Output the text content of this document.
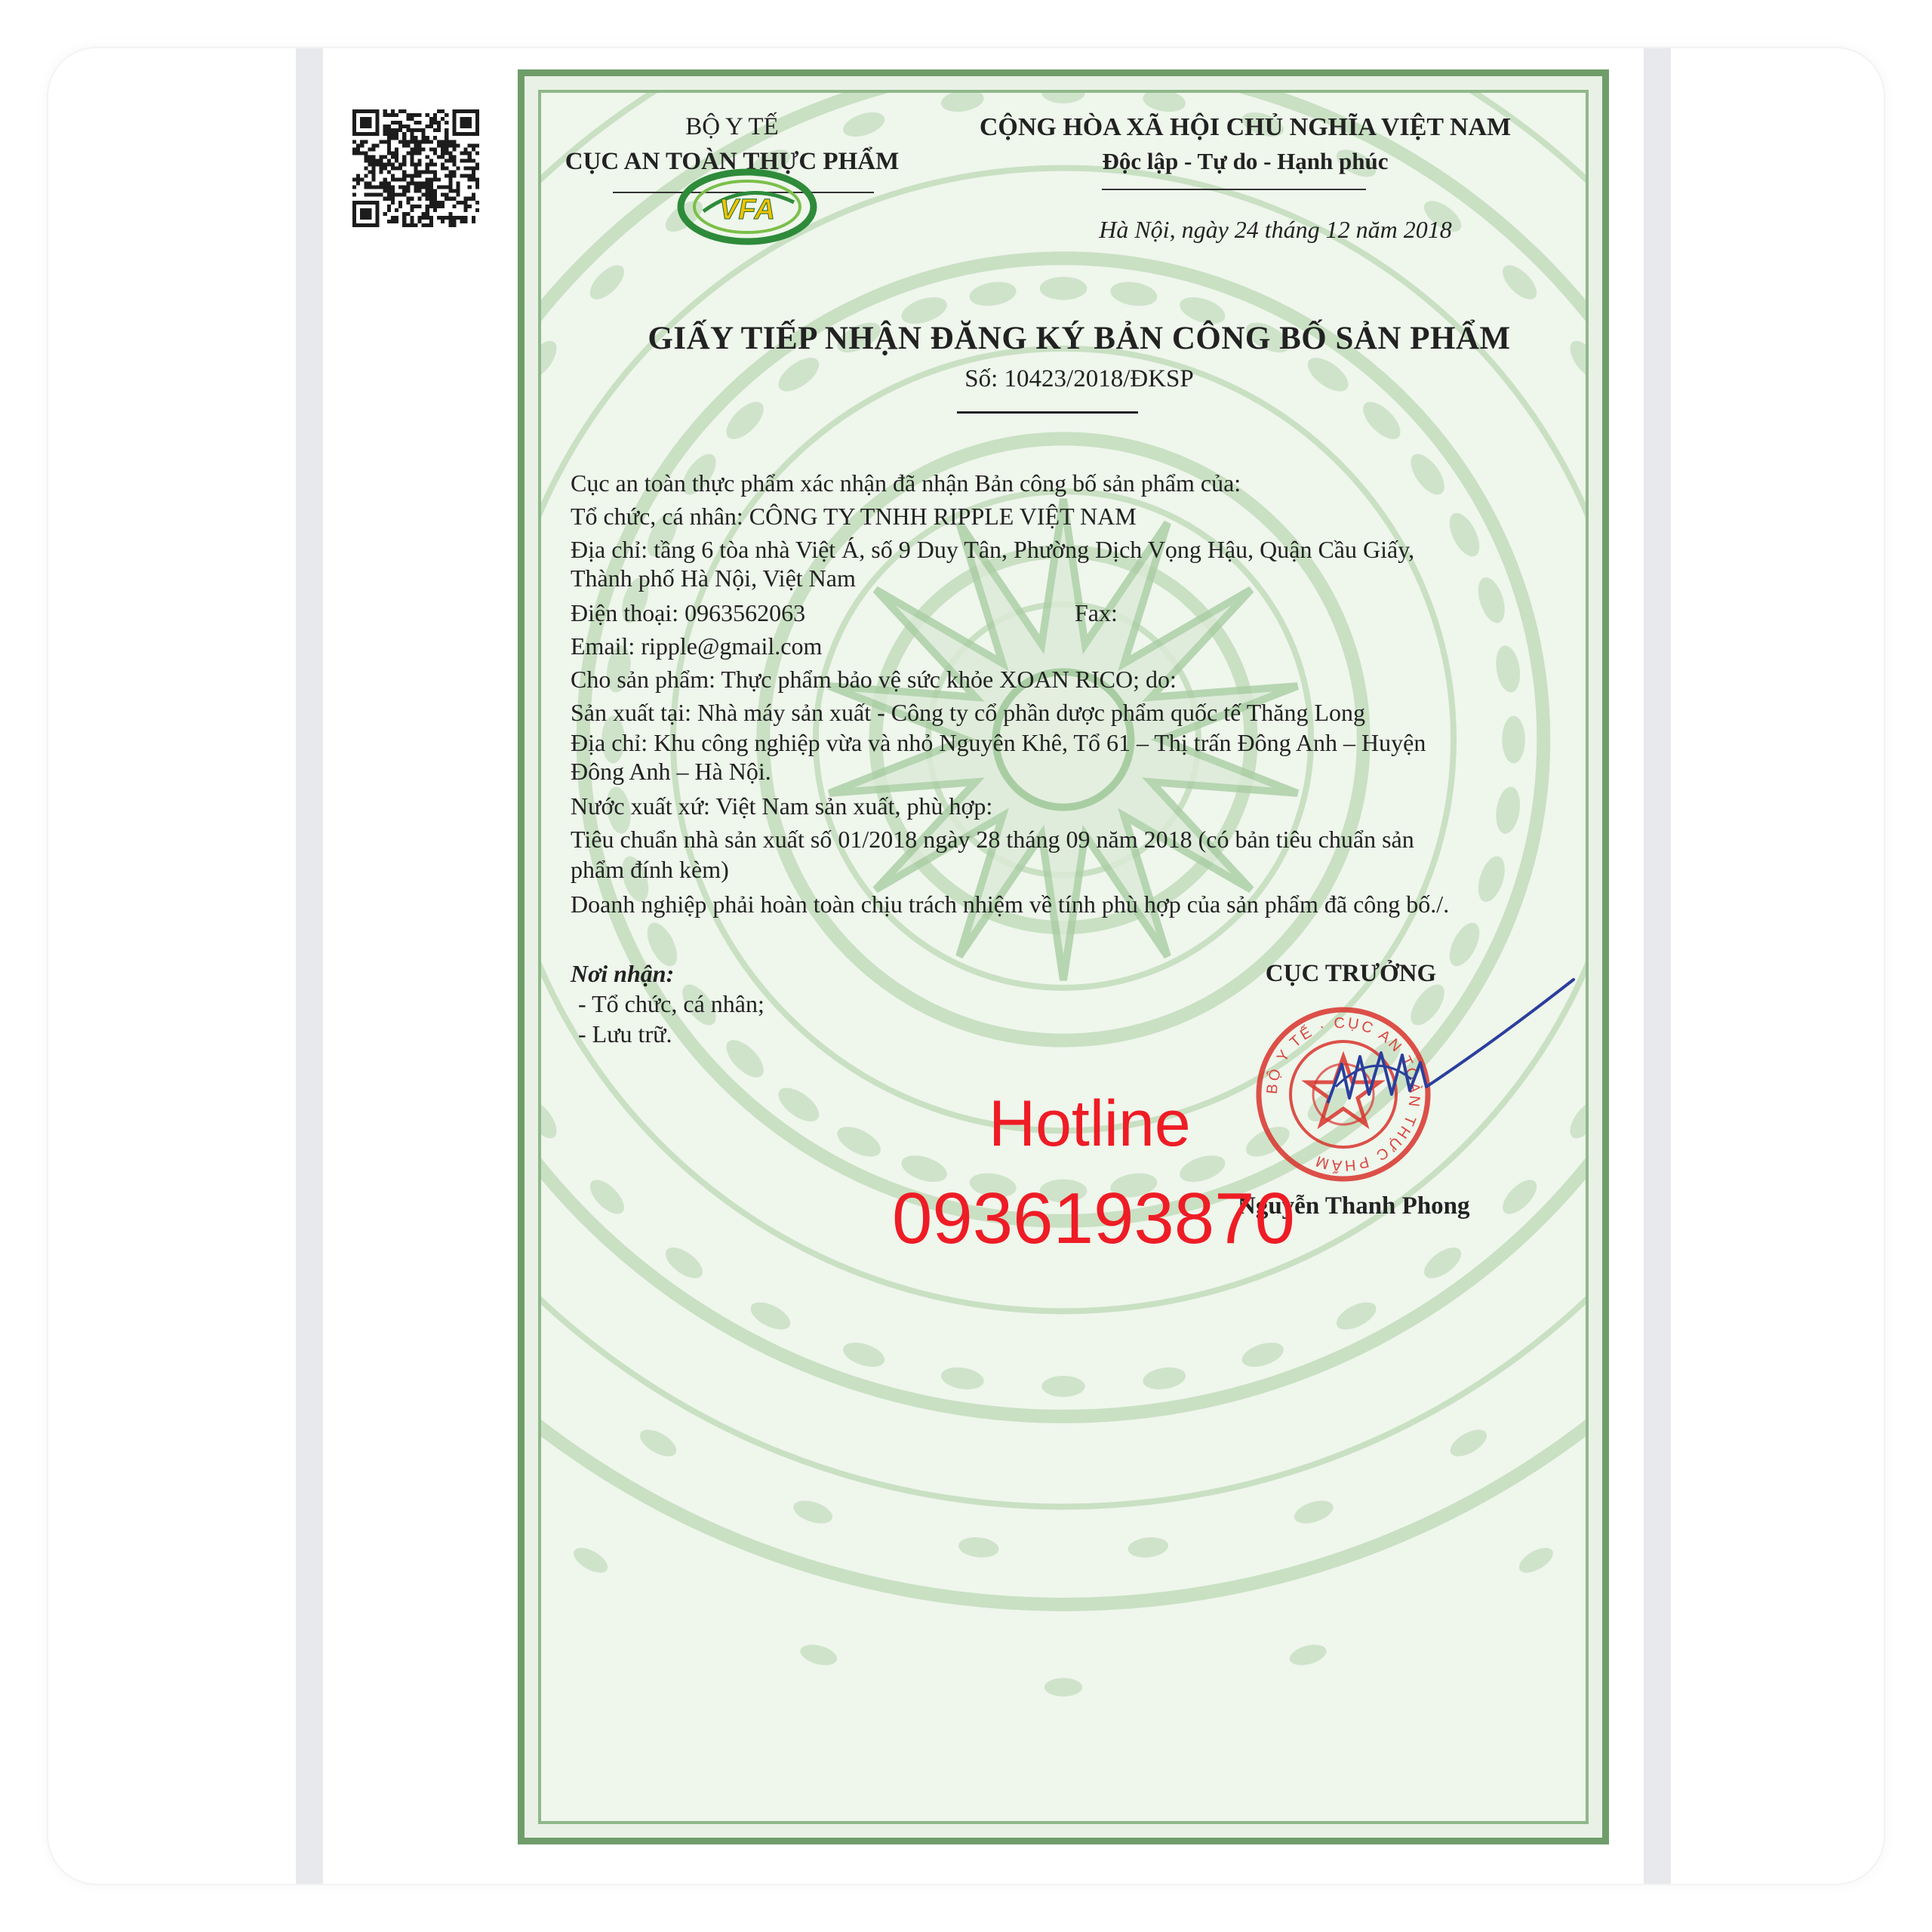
BỘ Y TẾ
CỤC AN TOÀN THỰC PHẨM
VFA
CỘNG HÒA XÃ HỘI CHỦ NGHĨA VIỆT NAM
Độc lập - Tự do - Hạnh phúc
Hà Nội, ngày 24 tháng 12 năm 2018
GIẤY TIẾP NHẬN ĐĂNG KÝ BẢN CÔNG BỐ SẢN PHẨM
Số: 10423/2018/ĐKSP
Cục an toàn thực phẩm xác nhận đã nhận Bản công bố sản phẩm của:
Tổ chức, cá nhân: CÔNG TY TNHH RIPPLE VIỆT NAM
Địa chỉ: tầng 6 tòa nhà Việt Á, số 9 Duy Tân, Phường Dịch Vọng Hậu, Quận Cầu Giấy,
Thành phố Hà Nội, Việt Nam
Điện thoại: 0963562063	Fax:
Email: ripple@gmail.com
Cho sản phẩm: Thực phẩm bảo vệ sức khỏe XOAN RICO; do:
Sản xuất tại: Nhà máy sản xuất - Công ty cổ phần dược phẩm quốc tế Thăng Long
Địa chỉ: Khu công nghiệp vừa và nhỏ Nguyên Khê, Tổ 61 – Thị trấn Đông Anh – Huyện
Đông Anh – Hà Nội.
Nước xuất xứ: Việt Nam sản xuất, phù hợp:
Tiêu chuẩn nhà sản xuất số 01/2018 ngày 28 tháng 09 năm 2018 (có bản tiêu chuẩn sản
phẩm đính kèm)
Doanh nghiệp phải hoàn toàn chịu trách nhiệm về tính phù hợp của sản phẩm đã công bố./.
Nơi nhận:
- Tổ chức, cá nhân;
- Lưu trữ.
CỤC TRƯỞNG
BỘ Y TẾ · CỤC AN TOÀN THỰC PHẨM
Nguyễn Thanh Phong
Hotline
0936193870
